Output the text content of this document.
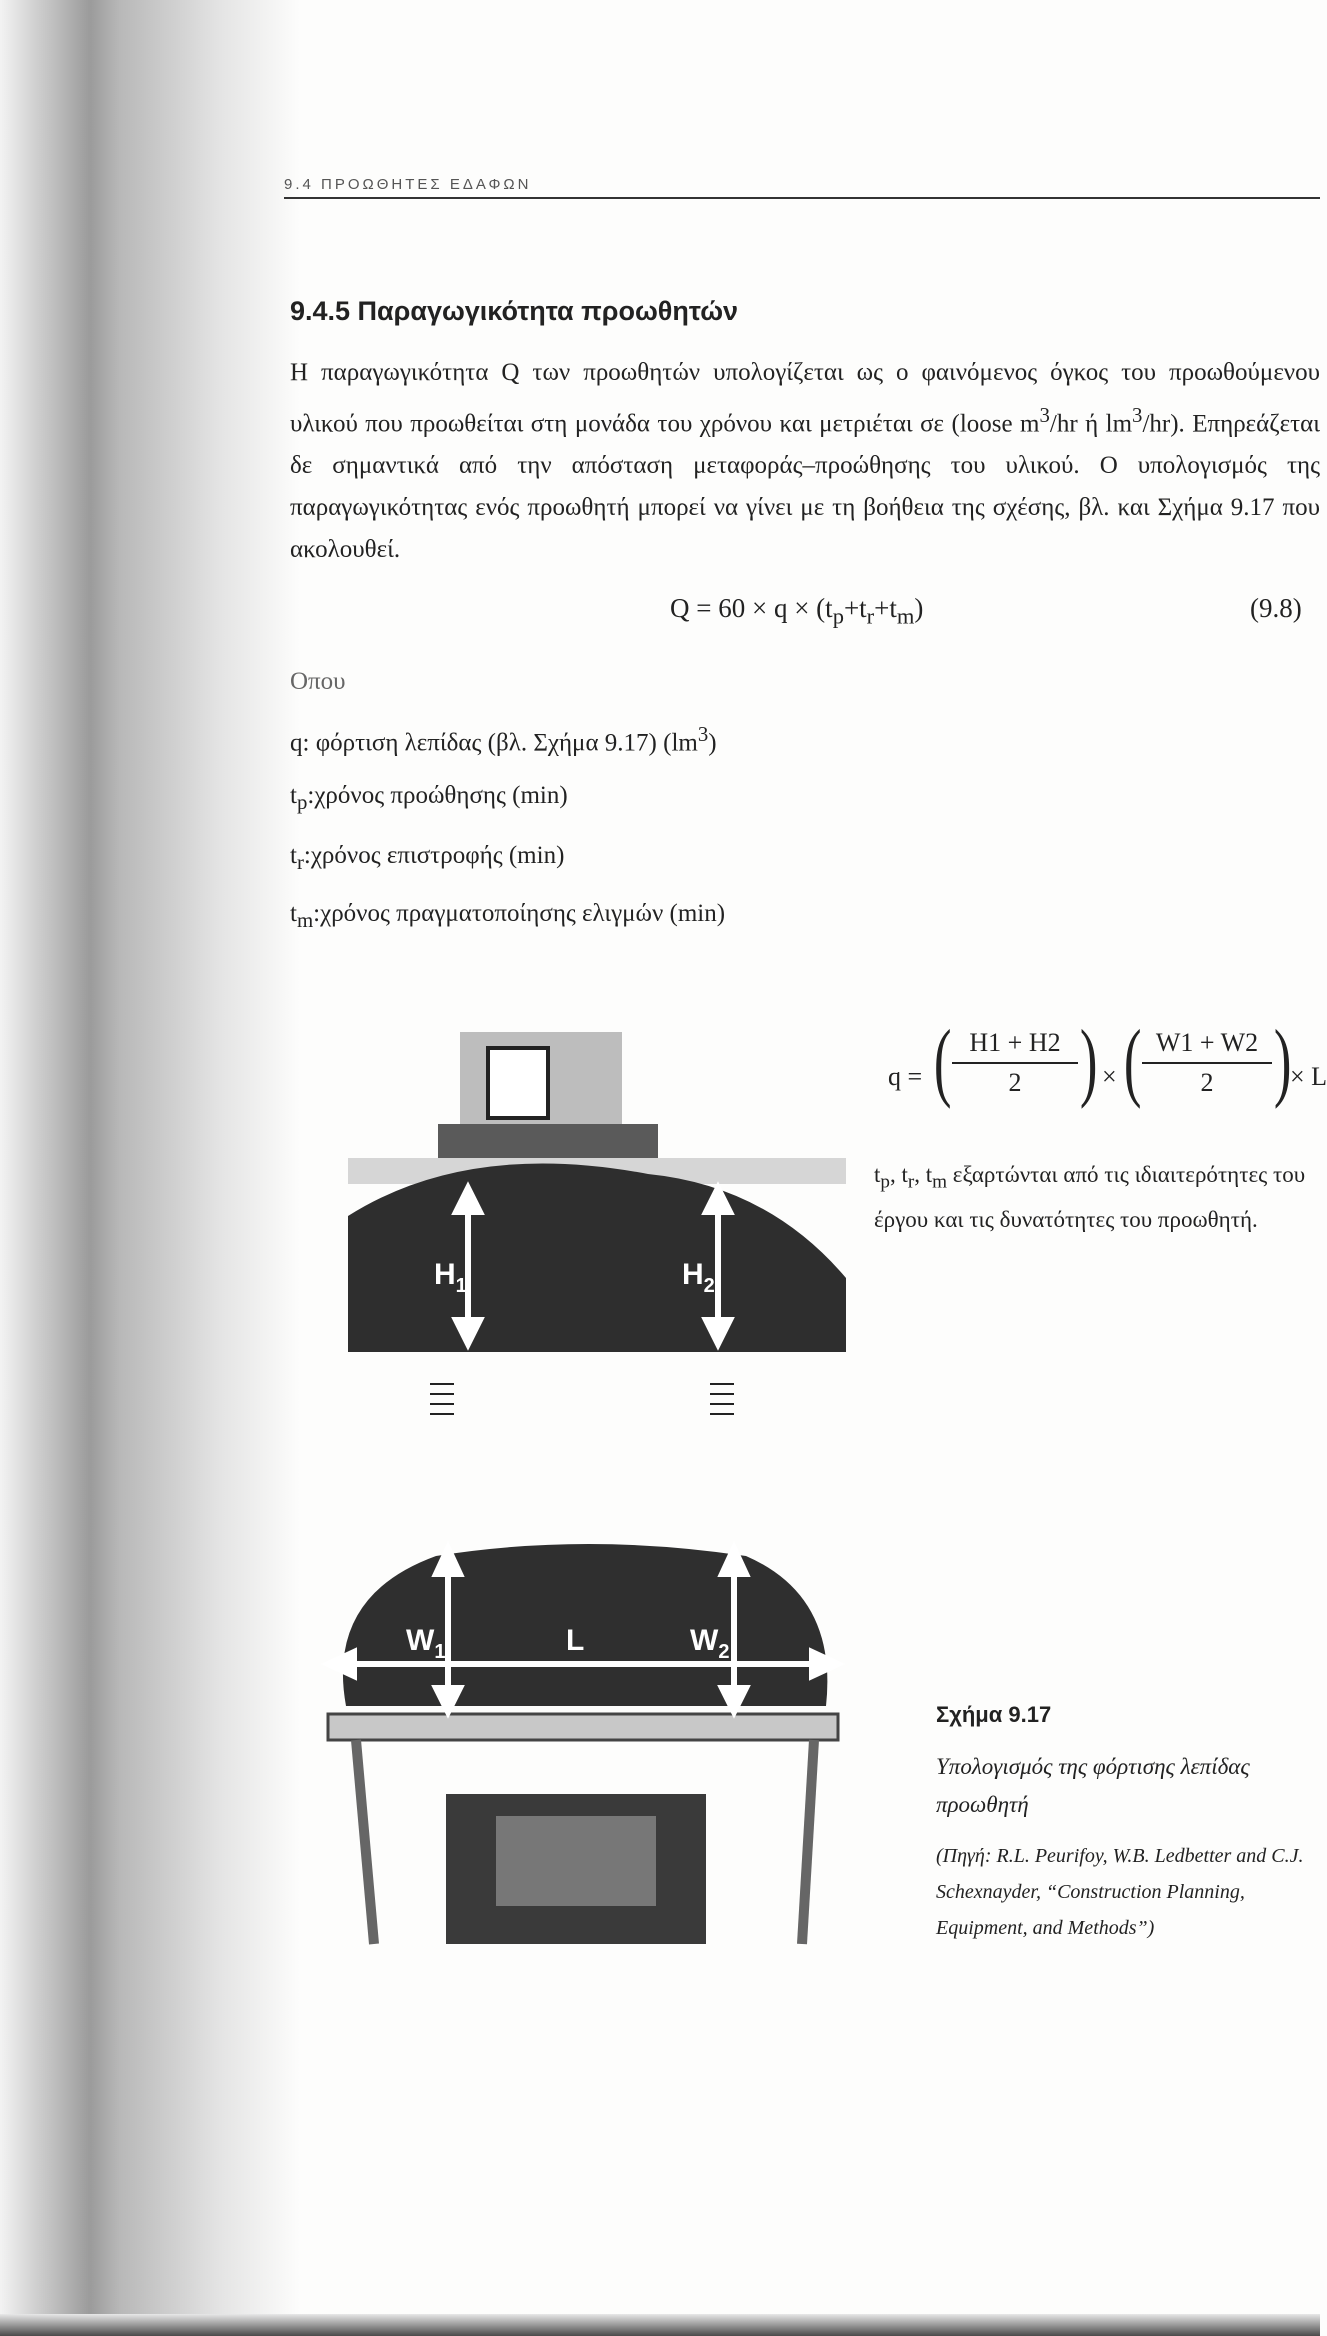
9.4 ΠΡΟΩΘΗΤΕΣ ΕΔΑΦΩΝ
9.4.5 Παραγωγικότητα προωθητών

Η παραγωγικότητα Q των προωθητών υπολογίζεται ως ο φαινόμενος όγκος του προωθούμενου υλικού που προωθείται στη μονάδα του χρόνου και μετριέται σε (loose $m^3/hr$ ή $lm^3/hr$). Επηρεάζεται δε σημαντικά από την απόσταση μεταφοράς–προώθησης του υλικού. Ο υπολογισμός της παραγωγικότητας ενός προωθητή μπορεί να γίνει με τη βοήθεια της σχέσης, βλ. και Σχήμα 9.17 που ακολουθεί.

$Q = 60 \times q \times (t_p+t_r+t_m)$	(9.8)
Οπου
q: φόρτιση λεπίδας (βλ. Σχήμα 9.17) $(lm^3)$
$t_p:\chi\rho ό\nu o\varsigma$ προώθησης (min)
$t_r:\chi\rho ό\nu o\varsigma$ επιστροφής (min)
$t_m:\chi\rho ό\nu o\varsigma$ πραγματοποίησης ελιγμών (min)
$H_1$	$H_2$
$W_1$	L	$W_2$
q = ( $\frac{H1 + H2}{2}$ ) × ( $\frac{W1 + W2}{2}$ )
× L

$t_p$, $t_r$, $t_m$ εξαρτώνται από τις ιδιαιτερότητες του έργου και τις δυνατότητες του προωθητή.

Σχήμα 9.17

Υπολογισμός της φόρτισης λεπίδας προωθητή

(Πηγή: R.L. Peurifoy, W.B. Ledbetter and C.J. Schexnayder, “Construction Planning, Equipment, and Methods”)
